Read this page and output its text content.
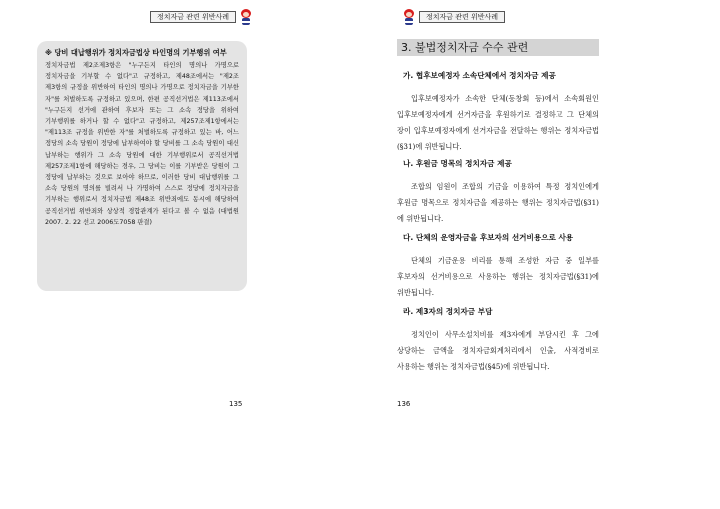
정치자금 관련 위반사례	정치자금 관련 위반사례

※ 당비 대납행위가 정치자금법상 타인명의 기부행위 여부

정치자금법 제2조제3항은 "누구든지 타인의 명의나 가명으로 정치자금을 기부할 수 없다"고 규정하고, 제48조에서는 "제2조 제3항의 규정을 위반하여 타인의 명의나 가명으로 정치자금을 기부한 자"를 처벌하도록 규정하고 있으며, 한편 공직선거법은 제113조에서 "누구든지 선거에 관하여 후보자 또는 그 소속 정당을 위하여 기부행위를 하거나 할 수 없다"고 규정하고, 제257조제1항에서는 "제113조 규정을 위반한 자"를 처벌하도록 규정하고 있는 바, 어느 정당의 소속 당원이 정당에 납부하여야 할 당비를 그 소속 당원이 대신 납부하는 행위가 그 소속 당원에 대한 기부행위로서 공직선거법 제257조제1항에 해당하는 경우, 그 당비는 이를 기부받은 당원이 그 정당에 납부하는 것으로 보아야 하므로, 이러한 당비 대납행위를 그 소속 당원의 명의를 빌려서 나 가명하여 스스로 정당에 정치자금을 기부하는 행위로서 정치자금법 제48조 위반죄에도 동시에 해당하여 공직선거법 위반죄와 상상적 경합관계가 된다고 볼 수 없음 (대법원 2007. 2. 22 선고 2006도7058 판결)

135
3. 불법정치자금 수수 관련
가. 협후보예정자 소속단체에서 정치자금 제공

입후보예정자가 소속한 단체(동창회 등)에서 소속회원인 입후보예정자에게 선거자금을 후원하기로 결정하고 그 단체의 장이 입후보예정자에게 선거자금을 전달하는 행위는 정치자금법(§31)에 위반됩니다.

나. 후원금 명목의 정치자금 제공

조합의 임원이 조합의 기금을 이용하여 특정 정치인에게 후원금 명목으로 정치자금을 제공하는 행위는 정치자금법(§31)에 위반됩니다.

다. 단체의 운영자금을 후보자의 선거비용으로 사용

단체의 기금운용 비리를 통해 조성한 자금 중 일부를 후보자의 선거비용으로 사용하는 행위는 정치자금법(§31)에 위반됩니다.

라. 제3자의 정치자금 부담

정치인이 사무소설치비를 제3자에게 부담시킨 후 그에 상당하는 금액을 정치자금회계처리에서 인출, 사적경비로 사용하는 행위는 정치자금법(§45)에 위반됩니다.

136
